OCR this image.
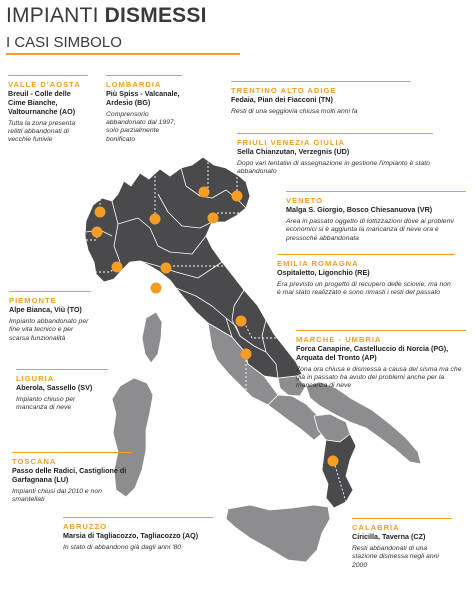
IMPIANTI DISMESSI
I CASI SIMBOLO
VALLE D'AOSTA
Breuil - Colle delle Cime Bianche, Valtournanche (AO)
Tutta la zona presenta relitti abbandonati di vecchie funivie
LOMBARDIA
Più Spiss - Valcanale, Ardesio (BG)
Comprensorio abbandonato dal 1997, solo parzialmente bonificato
TRENTINO ALTO ADIGE
Fedaia, Pian dei Fiacconi (TN)
Resti di una seggiovia chiusa molti anni fa
FRIULI VENEZIA GIULIA
Sella Chianzutan, Verzegnis (UD)
Dopo vari tentativi di assegnazione in gestione l'impianto è stato abbandonato
VENETO
Malga S. Giorgio, Bosco Chiesanuova (VR)
Area in passato oggetto di lottizzazioni dove ai problemi economici si è aggiunta la mancanza di neve ora è pressoché abbandonata
EMILIA ROMAGNA
Ospitaletto, Ligonchio (RE)
Era previsto un progetto di recupero delle sciovie, ma non è mai stato realizzato e sono rimasti i resti del passato
PIEMONTE
Alpe Bianca, Viù (TO)
Impianto abbandonato per fine vita tecnico e per scarsa funzionalità
LIGURIA
Aberola, Sassello (SV)
Impianto chiuso per mancanza di neve
MARCHE - UMBRIA
Forca Canapine, Castelluccio di Norcia (PG), Arquata del Tronto (AP)
Zona ora chiusa e dismessa a causa del sisma ma che già in passato ha avuto dei problemi anche per la mancanza di neve
TOSCANA
Passo delle Radici, Castiglione di Garfagnana (LU)
Impianti chiusi dal 2010 e non smantellati
ABRUZZO
Marsia di Tagliacozzo, Tagliacozzo (AQ)
In stato di abbandono già dagli anni '80
CALABRIA
Ciricilla, Taverna (CZ)
Resti abbandonati di una stazione dismessa negli anni 2000
